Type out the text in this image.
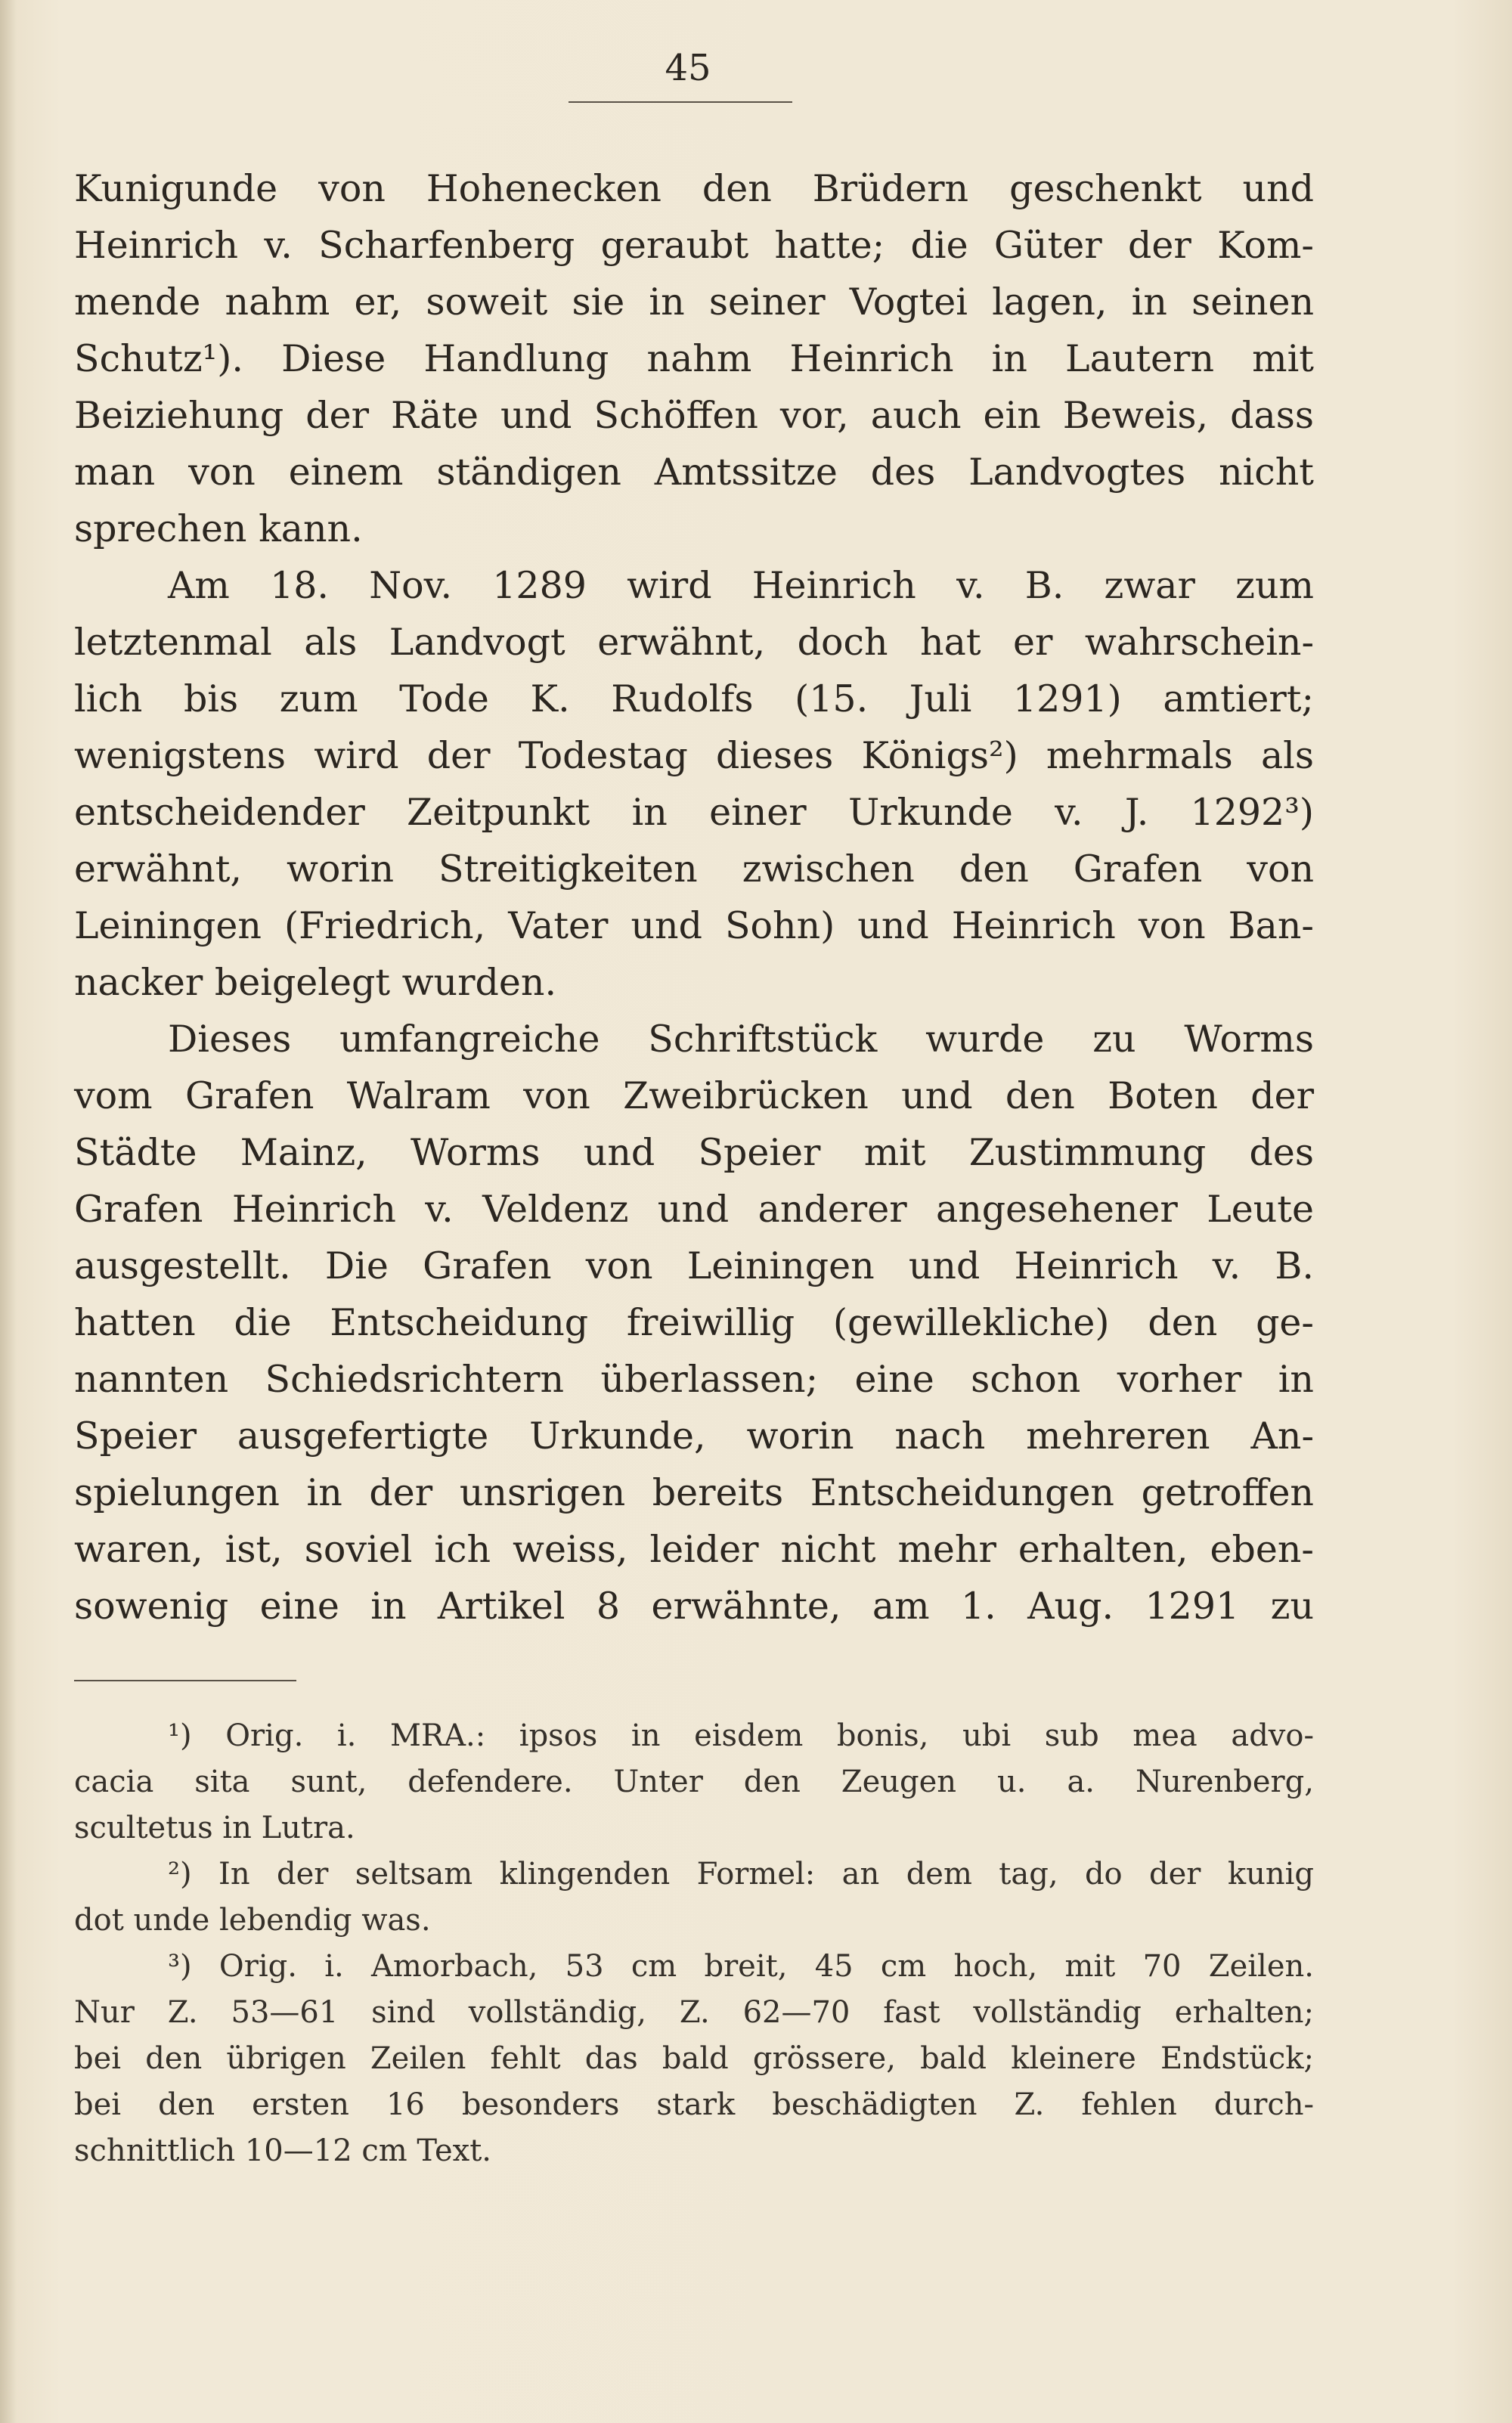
45
Kunigunde von Hohenecken den Brüdern geschenkt und
Heinrich v. Scharfenberg geraubt hatte; die Güter der Kom-
mende nahm er, soweit sie in seiner Vogtei lagen, in seinen
Schutz¹). Diese Handlung nahm Heinrich in Lautern mit
Beiziehung der Räte und Schöffen vor, auch ein Beweis, dass
man von einem ständigen Amtssitze des Landvogtes nicht
sprechen kann.
Am 18. Nov. 1289 wird Heinrich v. B. zwar zum
letztenmal als Landvogt erwähnt, doch hat er wahrschein-
lich bis zum Tode K. Rudolfs (15. Juli 1291) amtiert;
wenigstens wird der Todestag dieses Königs²) mehrmals als
entscheidender Zeitpunkt in einer Urkunde v. J. 1292³)
erwähnt, worin Streitigkeiten zwischen den Grafen von
Leiningen (Friedrich, Vater und Sohn) und Heinrich von Ban-
nacker beigelegt wurden.
Dieses umfangreiche Schriftstück wurde zu Worms
vom Grafen Walram von Zweibrücken und den Boten der
Städte Mainz, Worms und Speier mit Zustimmung des
Grafen Heinrich v. Veldenz und anderer angesehener Leute
ausgestellt. Die Grafen von Leiningen und Heinrich v. B.
hatten die Entscheidung freiwillig (gewillekliche) den ge-
nannten Schiedsrichtern überlassen; eine schon vorher in
Speier ausgefertigte Urkunde, worin nach mehreren An-
spielungen in der unsrigen bereits Entscheidungen getroffen
waren, ist, soviel ich weiss, leider nicht mehr erhalten, eben-
sowenig eine in Artikel 8 erwähnte, am 1. Aug. 1291 zu
¹) Orig. i. MRA.: ipsos in eisdem bonis, ubi sub mea advo-
cacia sita sunt, defendere. Unter den Zeugen u. a. Nurenberg,
scultetus in Lutra.
²) In der seltsam klingenden Formel: an dem tag, do der kunig
dot unde lebendig was.
³) Orig. i. Amorbach, 53 cm breit, 45 cm hoch, mit 70 Zeilen.
Nur Z. 53—61 sind vollständig, Z. 62—70 fast vollständig erhalten;
bei den übrigen Zeilen fehlt das bald grössere, bald kleinere Endstück;
bei den ersten 16 besonders stark beschädigten Z. fehlen durch-
schnittlich 10—12 cm Text.
